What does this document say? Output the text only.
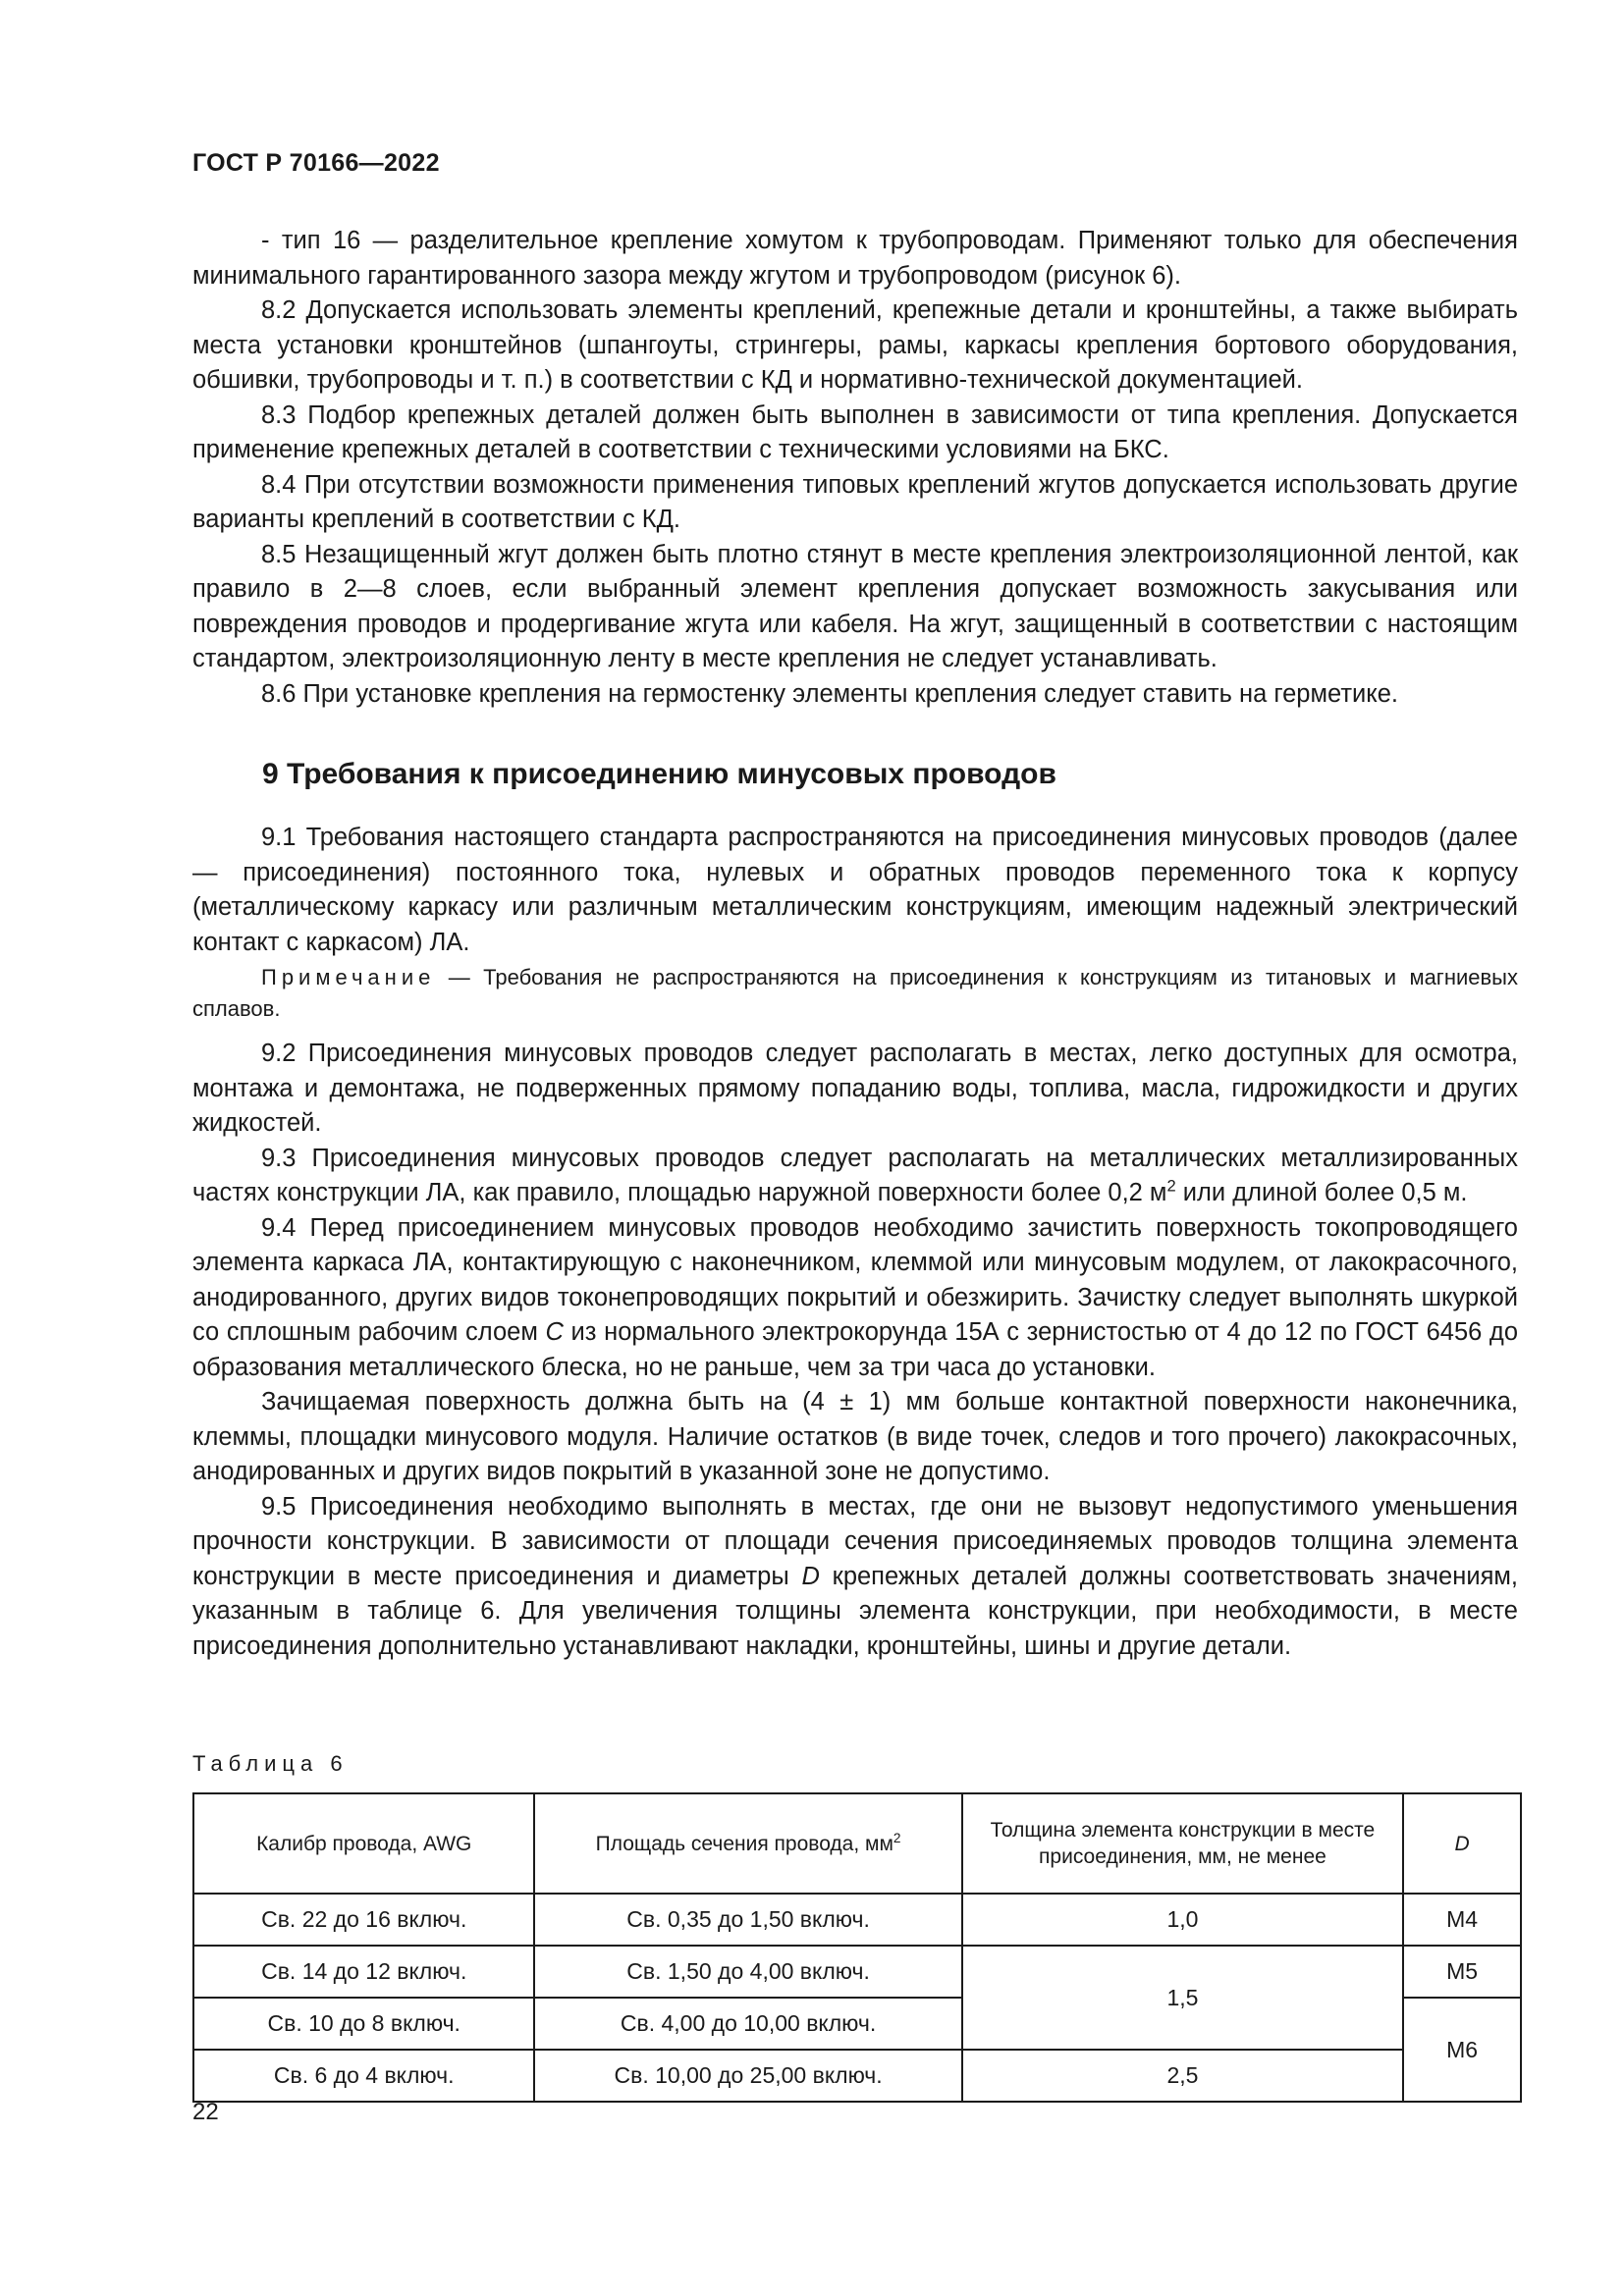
ГОСТ Р 70166—2022

- тип 16 — разделительное крепление хомутом к трубопроводам. Применяют только для обеспечения минимального гарантированного зазора между жгутом и трубопроводом (рисунок 6).

8.2 Допускается использовать элементы креплений, крепежные детали и кронштейны, а также выбирать места установки кронштейнов (шпангоуты, стрингеры, рамы, каркасы крепления бортового оборудования, обшивки, трубопроводы и т. п.) в соответствии с КД и нормативно-технической документацией.

8.3 Подбор крепежных деталей должен быть выполнен в зависимости от типа крепления. Допускается применение крепежных деталей в соответствии с техническими условиями на БКС.

8.4 При отсутствии возможности применения типовых креплений жгутов допускается использовать другие варианты креплений в соответствии с КД.

8.5 Незащищенный жгут должен быть плотно стянут в месте крепления электроизоляционной лентой, как правило в 2—8 слоев, если выбранный элемент крепления допускает возможность закусывания или повреждения проводов и продергивание жгута или кабеля. На жгут, защищенный в соответствии с настоящим стандартом, электроизоляционную ленту в месте крепления не следует устанавливать.

8.6 При установке крепления на гермостенку элементы крепления следует ставить на герметике.

9 Требования к присоединению минусовых проводов

9.1 Требования настоящего стандарта распространяются на присоединения минусовых проводов (далее — присоединения) постоянного тока, нулевых и обратных проводов переменного тока к корпусу (металлическому каркасу или различным металлическим конструкциям, имеющим надежный электрический контакт с каркасом) ЛА.

Примечание — Требования не распространяются на присоединения к конструкциям из титановых и магниевых сплавов.

9.2 Присоединения минусовых проводов следует располагать в местах, легко доступных для осмотра, монтажа и демонтажа, не подверженных прямому попаданию воды, топлива, масла, гидрожидкости и других жидкостей.

9.3 Присоединения минусовых проводов следует располагать на металлических металлизированных частях конструкции ЛА, как правило, площадью наружной поверхности более 0,2 $м^2$ или длиной более 0,5 м.

9.4 Перед присоединением минусовых проводов необходимо зачистить поверхность токопроводящего элемента каркаса ЛА, контактирующую с наконечником, клеммой или минусовым модулем, от лакокрасочного, анодированного, других видов токонепроводящих покрытий и обезжирить. Зачистку следует выполнять шкуркой со сплошным рабочим слоем С из нормального электрокорунда 15А с зернистостью от 4 до 12 по ГОСТ 6456 до образования металлического блеска, но не раньше, чем за три часа до установки.

Зачищаемая поверхность должна быть на (4 ± 1) мм больше контактной поверхности наконечника, клеммы, площадки минусового модуля. Наличие остатков (в виде точек, следов и того прочего) лакокрасочных, анодированных и других видов покрытий в указанной зоне не допустимо.

9.5 Присоединения необходимо выполнять в местах, где они не вызовут недопустимого уменьшения прочности конструкции. В зависимости от площади сечения присоединяемых проводов толщина элемента конструкции в месте присоединения и диаметры D крепежных деталей должны соответствовать значениям, указанным в таблице 6. Для увеличения толщины элемента конструкции, при необходимости, в месте присоединения дополнительно устанавливают накладки, кронштейны, шины и другие детали.

Таблица 6
Калибр провода, AWG	Площадь сечения провода, $мм^2$	Толщина элемента конструкции в месте присоединения, мм, не менее	D
Св. 22 до 16 включ.	Св. 0,35 до 1,50 включ.	1,0	M4
Св. 14 до 12 включ.	Св. 1,50 до 4,00 включ.	1,5	M5
Св. 10 до 8 включ.	Св. 4,00 до 10,00 включ.		M6
Св. 6 до 4 включ.	Св. 10,00 до 25,00 включ.	2,5	
22
